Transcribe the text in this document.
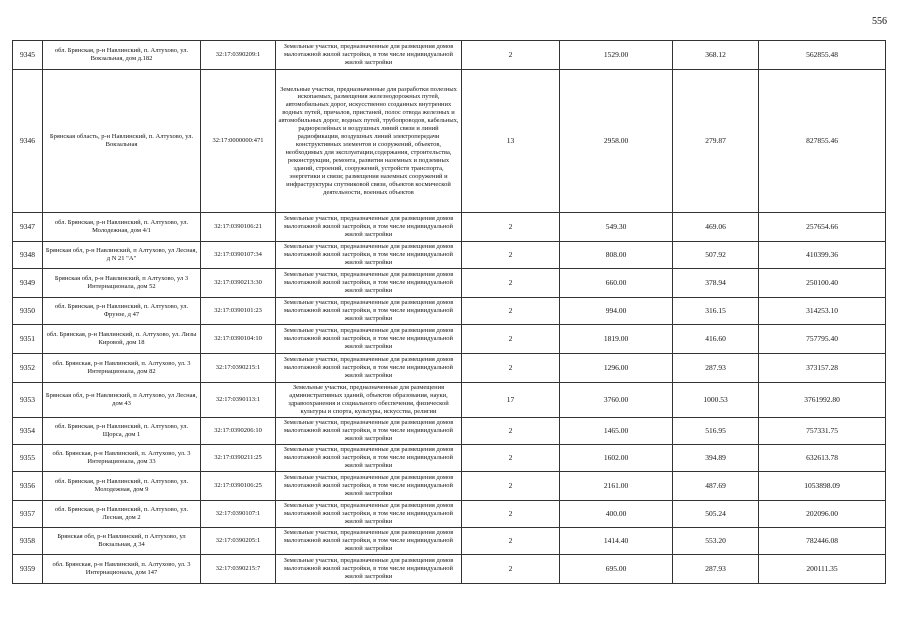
556
9345	обл. Брянская, р-н Навлинский, п. Алтухово, ул. Вокзальная, дом д.182	32:17:0390209:1	Земельные участки, предназначенные для размещения домов малоэтажной жилой застройки, в том числе индивидуальной жилой застройки	2	1529.00	368.12	562855.48
9346	Брянская область, р-н Навлинский, п. Алтухово, ул. Вокзальная	32:17:0000000:471	Земельные участки, предназначенные для разработки полезных ископаемых, размещения железнодорожных путей, автомобильных дорог, искусственно созданных внутренних водных путей, причалов, пристаней, полос отвода железных и автомобильных дорог, водных путей, трубопроводов, кабельных, радиорелейных и воздушных линий связи и линий радиофикации, воздушных линий электропередачи конструктивных элементов и сооружений, объектов, необходимых для эксплуатации,содержания, строительства, реконструкции, ремонта, развития наземных и подземных зданий, строений, сооружений, устройств транспорта, энергетики и связи; размещения наземных сооружений и инфраструктуры спутниковой связи, объектов космической деятельности, военных объектов	13	2958.00	279.87	827855.46
9347	обл. Брянская, р-н Навлинский, п. Алтухово, ул. Молодежная, дом 4/1	32:17:0390106:21	Земельные участки, предназначенные для размещения домов малоэтажной жилой застройки, в том числе индивидуальной жилой застройки	2	549.30	469.06	257654.66
9348	Брянская обл, р-н Навлинский, п Алтухово, ул Лесная, д N 21 "А"	32:17:0390107:34	Земельные участки, предназначенные для размещения домов малоэтажной жилой застройки, в том числе индивидуальной жилой застройки	2	808.00	507.92	410399.36
9349	Брянская обл, р-н Навлинский, п Алтухово, ул 3 Интернационала, дом 52	32:17:0390213:30	Земельные участки, предназначенные для размещения домов малоэтажной жилой застройки, в том числе индивидуальной жилой застройки	2	660.00	378.94	250100.40
9350	обл. Брянская, р-н Навлинский, п. Алтухово, ул. Фрунзе, д 47	32:17:0390101:23	Земельные участки, предназначенные для размещения домов малоэтажной жилой застройки, в том числе индивидуальной жилой застройки	2	994.00	316.15	314253.10
9351	обл. Брянская, р-н Навлинский, п. Алтухово, ул. Лизы Кировой, дом 18	32:17:0390104:10	Земельные участки, предназначенные для размещения домов малоэтажной жилой застройки, в том числе индивидуальной жилой застройки	2	1819.00	416.60	757795.40
9352	обл. Брянская, р-н Навлинский, п. Алтухово, ул. 3 Интернационала, дом 82	32:17:0390215:1	Земельные участки, предназначенные для размещения домов малоэтажной жилой застройки, в том числе индивидуальной жилой застройки	2	1296.00	287.93	373157.28
9353	Брянская обл, р-н Навлинский, п Алтухово, ул Лесная, дом 43	32:17:0390113:1	Земельные участки, предназначенные для размещения административных зданий, объектов образования, науки, здравоохранения и социального обеспечения, физической культуры и спорта, культуры, искусства, религии	17	3760.00	1000.53	3761992.80
9354	обл. Брянская, р-н Навлинский, п. Алтухово, ул. Щорса, дом 1	32:17:0390206:10	Земельные участки, предназначенные для размещения домов малоэтажной жилой застройки, в том числе индивидуальной жилой застройки	2	1465.00	516.95	757331.75
9355	обл. Брянская, р-н Навлинский, п. Алтухово, ул. 3 Интернационала, дом 33	32:17:0390211:25	Земельные участки, предназначенные для размещения домов малоэтажной жилой застройки, в том числе индивидуальной жилой застройки	2	1602.00	394.89	632613.78
9356	обл. Брянская, р-н Навлинский, п. Алтухово, ул. Молодежная, дом 9	32:17:0390106:25	Земельные участки, предназначенные для размещения домов малоэтажной жилой застройки, в том числе индивидуальной жилой застройки	2	2161.00	487.69	1053898.09
9357	обл. Брянская, р-н Навлинский, п. Алтухово, ул. Лесная, дом 2	32:17:0390107:1	Земельные участки, предназначенные для размещения домов малоэтажной жилой застройки, в том числе индивидуальной жилой застройки	2	400.00	505.24	202096.00
9358	Брянская обл, р-н Навлинский, п Алтухово, ул Вокзальная, д 34	32:17:0390205:1	Земельные участки, предназначенные для размещения домов малоэтажной жилой застройки, в том числе индивидуальной жилой застройки	2	1414.40	553.20	782446.08
9359	обл. Брянская, р-н Навлинский, п. Алтухово, ул. 3 Интернационала, дом 147	32:17:0390215:7	Земельные участки, предназначенные для размещения домов малоэтажной жилой застройки, в том числе индивидуальной жилой застройки	2	695.00	287.93	200111.35
